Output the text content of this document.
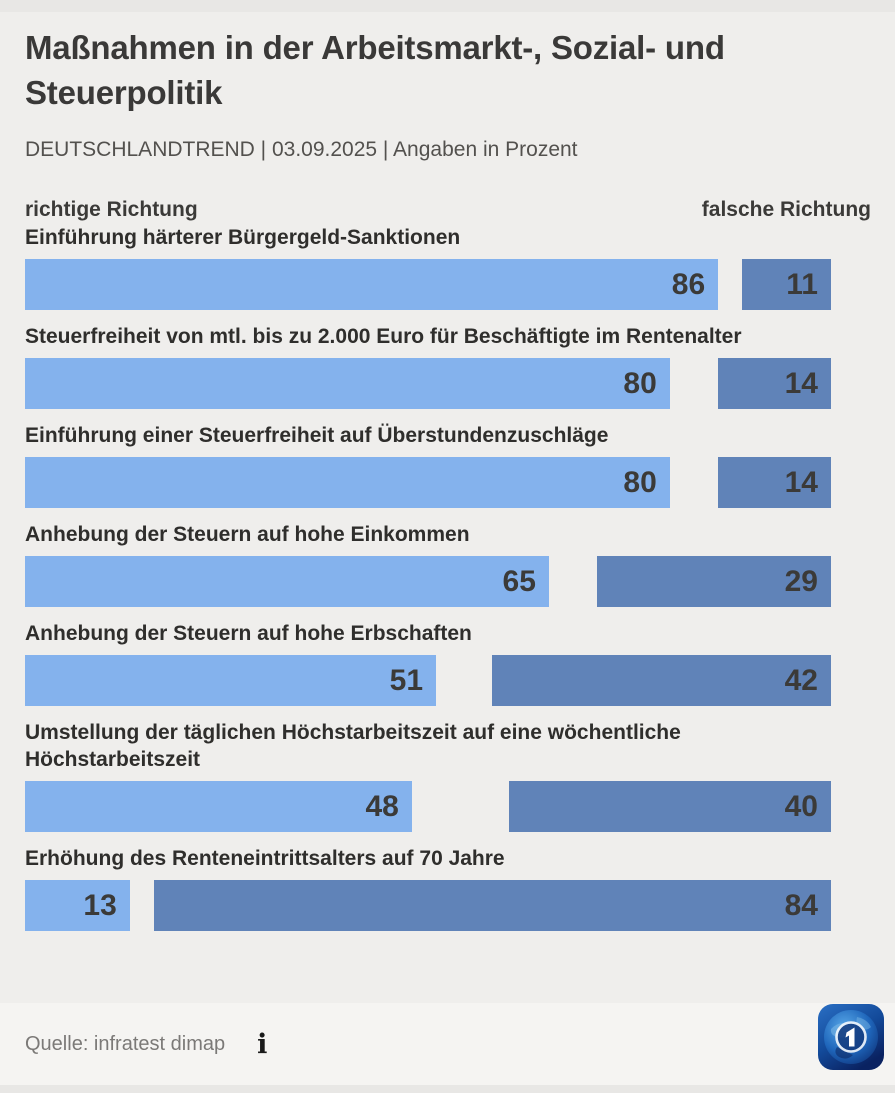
Maßnahmen in der Arbeitsmarkt-, Sozial- und Steuerpolitik
DEUTSCHLANDTREND | 03.09.2025 | Angaben in Prozent
richtige Richtung	falsche Richtung
Einführung härterer Bürgergeld-Sanktionen
86	11
Steuerfreiheit von mtl. bis zu 2.000 Euro für Beschäftigte im Rentenalter
80	14
Einführung einer Steuerfreiheit auf Überstundenzuschläge
80	14
Anhebung der Steuern auf hohe Einkommen
65	29
Anhebung der Steuern auf hohe Erbschaften
51	42
Umstellung der täglichen Höchstarbeitszeit auf eine wöchentliche Höchstarbeitszeit
48	40
Erhöhung des Renteneintrittsalters auf 70 Jahre
13	84
Quelle: infratest dimap i
